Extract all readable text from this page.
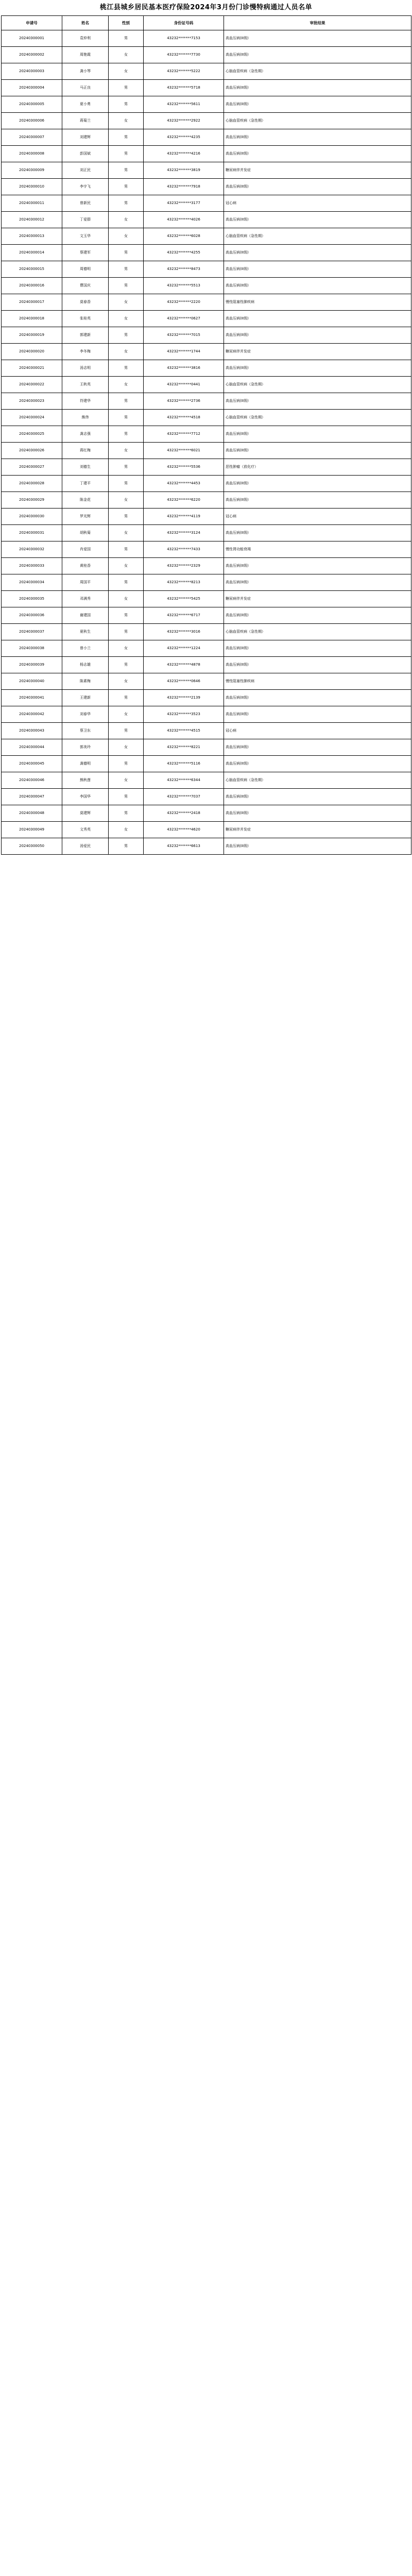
桃江县城乡居民基本医疗保险2024年3月份门诊慢特病通过人员名单
申请号	姓名	性别	身份证号码	审批结果
20240300001	袁仲利	男	43232*******7153	高血压病(II级)
20240300002	周艳霞	女	43232*******7730	高血压病(II级)
20240300003	龚小琴	女	43232*******5222	心脑血管疾病（急性期）
20240300004	马正良	男	43232*******5718	高血压病(II级)
20240300005	夏小勇	男	43232*******5611	高血压病(II级)
20240300006	蒋菊兰	女	43232*******2922	心脑血管疾病（急性期）
20240300007	刘建辉	男	43232*******4235	高血压病(II级)
20240300008	彭国斌	男	43232*******4216	高血压病(II级)
20240300009	刘正民	男	43232*******3819	糖尿病伴并发症
20240300010	李宇飞	男	43232*******7918	高血压病(II级)
20240300011	曾新民	男	43232*******3177	冠心病
20240300012	丁爱群	女	43232*******4026	高血压病(II级)
20240300013	文玉华	女	43232*******6028	心脑血管疾病（急性期）
20240300014	蔡建军	男	43232*******4255	高血压病(II级)
20240300015	周德明	男	43232*******8473	高血压病(II级)
20240300016	曹国庆	男	43232*******5513	高血压病(II级)
20240300017	莫春香	女	43232*******2220	慢性阻塞性肺疾病
20240300018	张桂英	女	43232*******0627	高血压病(II级)
20240300019	郭建新	男	43232*******7015	高血压病(II级)
20240300020	李冬梅	女	43232*******1744	糖尿病伴并发症
20240300021	汤志明	男	43232*******3816	高血压病(II级)
20240300022	王秋英	女	43232*******0441	心脑血管疾病（急性期）
20240300023	符建华	男	43232*******2736	高血压病(II级)
20240300024	熊伟	男	43232*******4518	心脑血管疾病（急性期）
20240300025	龚志强	男	43232*******7712	高血压病(II级)
20240300026	蒋红梅	女	43232*******6021	高血压病(II级)
20240300027	刘德生	男	43232*******5536	恶性肿瘤（放化疗）
20240300028	丁建平	男	43232*******4453	高血压病(II级)
20240300029	陈金花	女	43232*******6220	高血压病(II级)
20240300030	罗光辉	男	43232*******4119	冠心病
20240300031	胡秋菊	女	43232*******3124	高血压病(II级)
20240300032	肖爱国	男	43232*******7433	慢性肾功能衰竭
20240300033	黄桂香	女	43232*******2329	高血压病(II级)
20240300034	周国平	男	43232*******8213	高血压病(II级)
20240300035	邓满秀	女	43232*******5425	糖尿病伴并发症
20240300036	谢建国	男	43232*******6717	高血压病(II级)
20240300037	夏秋生	男	43232*******3016	心脑血管疾病（急性期）
20240300038	曾小兰	女	43232*******1224	高血压病(II级)
20240300039	杨志雄	男	43232*******4878	高血压病(II级)
20240300040	陈素梅	女	43232*******0646	慢性阻塞性肺疾病
20240300041	王建新	男	43232*******2139	高血压病(II级)
20240300042	刘春华	女	43232*******3523	高血压病(II级)
20240300043	蔡卫东	男	43232*******4515	冠心病
20240300044	郭美玲	女	43232*******8221	高血压病(II级)
20240300045	龚德明	男	43232*******5116	高血压病(II级)
20240300046	熊秋莲	女	43232*******6344	心脑血管疾病（急性期）
20240300047	李国华	男	43232*******7037	高血压病(II级)
20240300048	莫建辉	男	43232*******2418	高血压病(II级)
20240300049	文秀英	女	43232*******4620	糖尿病伴并发症
20240300050	汤爱民	男	43232*******6613	高血压病(II级)
